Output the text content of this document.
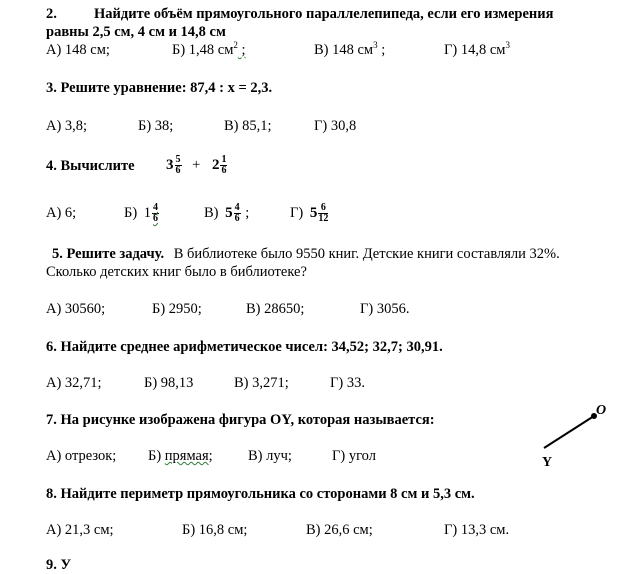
2.	Найдите объём прямоугольного параллелепипеда, если его измерения
равны 2,5 см, 4 см и 14,8 см
А) 148 см;	Б) 1,48 $см^2$ ;	В) 148 $см^3$ ;	Г) 14,8 $см^3$
3. Решите уравнение: 87,4 : х = 2,3.
А) 3,8;	Б) 38;	В) 85,1;	Г) 30,8
4. Вычислите $3 \frac{5}{6} + 2 \frac{1}{6}$
А) 6;	Б) $1 \frac{4}{6}$	В) $5 \frac{4}{6}$ ;	Г) $5 \frac{6}{12}$
5. Решите задачу. В библиотеке было 9550 книг. Детские книги составляли 32%.
Сколько детских книг было в библиотеке?
А) 30560;	Б) 2950;	В) 28650;	Г) 3056.
6. Найдите среднее арифметическое чисел: 34,52; 32,7; 30,91.
А) 32,71;	Б) 98,13	В) 3,271;	Г) 33.
7. На рисунке изображена фигура OY, которая называется:
А) отрезок; Б) прямая; В) луч;	Г) угол
O
Y
8. Найдите периметр прямоугольника со сторонами 8 см и 5,3 см.
А) 21,3 см;	Б) 16,8 см;	В) 26,6 см;	Г) 13,3 см.
9. У
